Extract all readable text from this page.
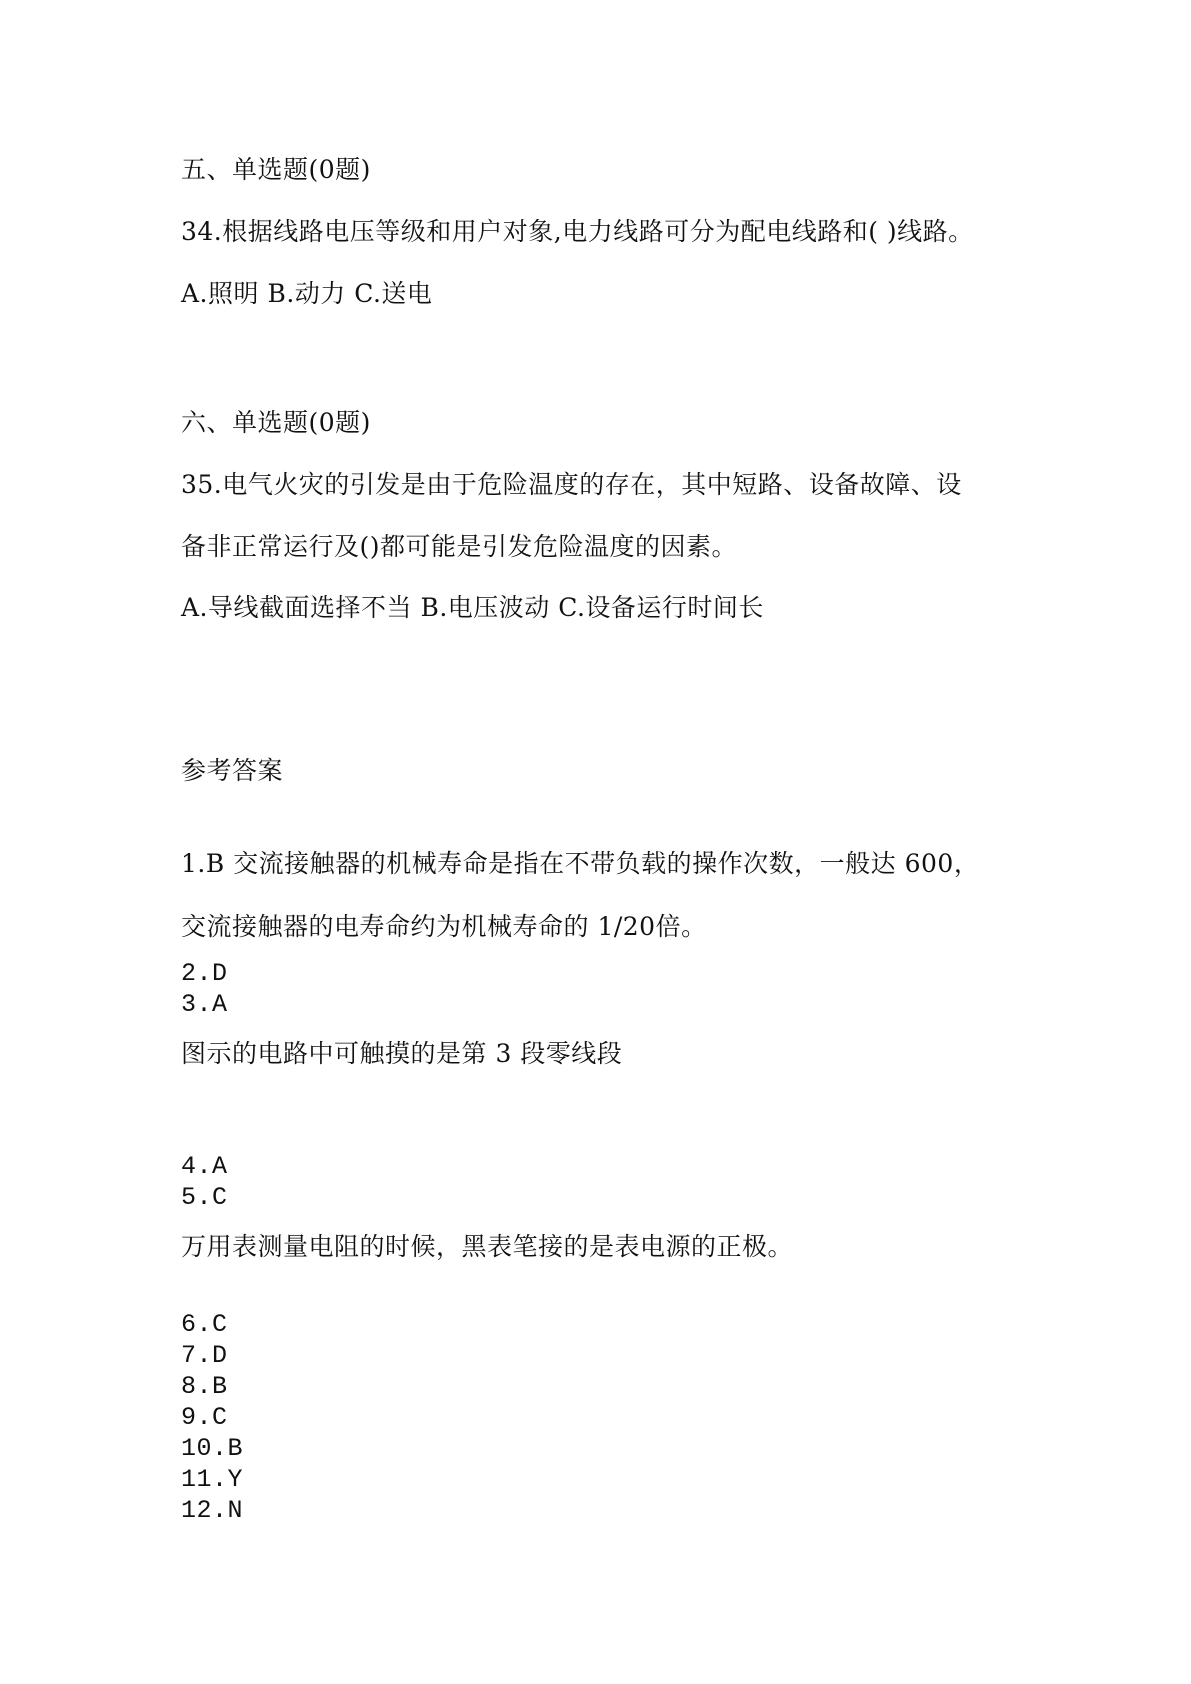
五、单选题(0题)
34.根据线路电压等级和用户对象,电力线路可分为配电线路和( )线路。
A.照明 B.动力 C.送电
六、单选题(0题)
35.电气火灾的引发是由于危险温度的存在，其中短路、设备故障、设
备非正常运行及()都可能是引发危险温度的因素。
A.导线截面选择不当 B.电压波动 C.设备运行时间长
参考答案
1.B 交流接触器的机械寿命是指在不带负载的操作次数，一般达 600，
交流接触器的电寿命约为机械寿命的 1/20倍。
2.D
3.A
图示的电路中可触摸的是第 3 段零线段
4.A
5.C
万用表测量电阻的时候，黑表笔接的是表电源的正极。
6.C
7.D
8.B
9.C
10.B
11.Y
12.N
